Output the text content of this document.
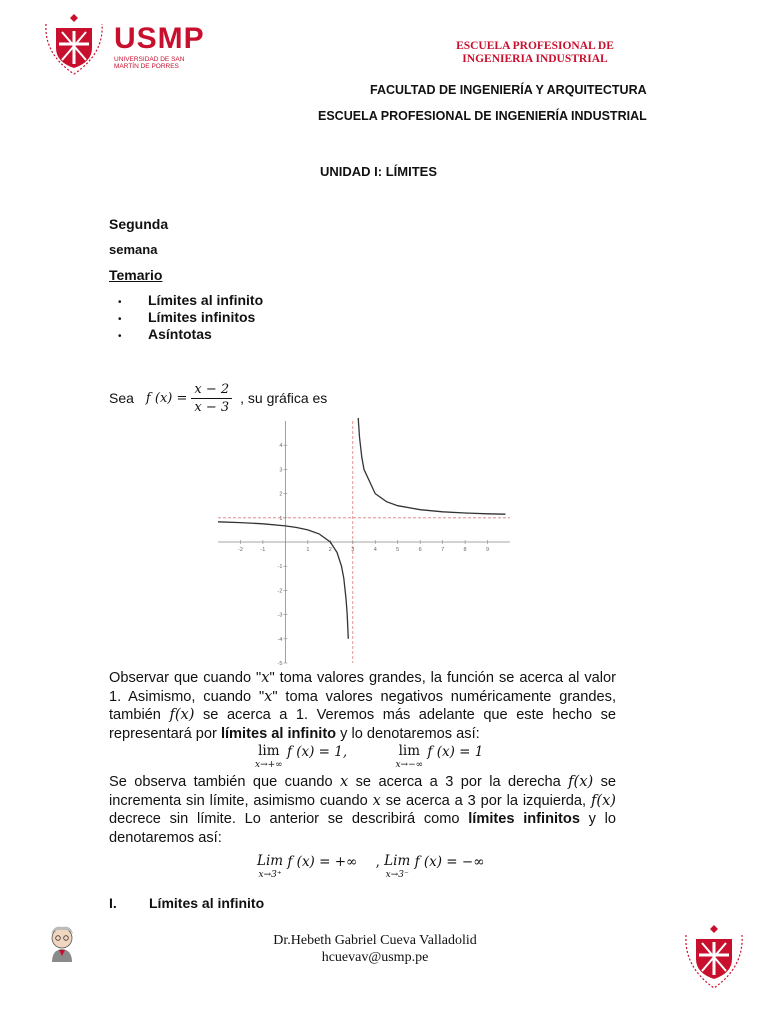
USMP
UNIVERSIDAD DE SAN MARTÍN DE PORRES
ESCUELA PROFESIONAL DE
INGENIERIA INDUSTRIAL
FACULTAD DE INGENIERÍA Y ARQUITECTURA
ESCUELA PROFESIONAL DE INGENIERÍA INDUSTRIAL
UNIDAD I: LÍMITES
Segunda
semana
Temario
• Límites al infinito
• Límites infinitos
• Asíntotas
Sea f $(x) = \frac{x - 2}{x - 3}$ , su gráfica es
-2	-1	1	2	3	4	5	6	7	8	9
4
3
2
1
-1
-2
-3
-4
-5
Observar que cuando "x" toma valores grandes, la función se acerca al valor 1. Asimismo, cuando "x" toma valores negativos numéricamente grandes, también f(x) se acerca a 1. Veremos más adelante que este hecho se representará por límites al infinito y lo denotaremos así:
lim
x→+∞
f (x) = 1,	lim
x→−∞
f (x) = 1
Se observa también que cuando x se acerca a 3 por la derecha f(x) se incrementa sin límite, asimismo cuando x se acerca a 3 por la izquierda, f(x) decrece sin límite. Lo anterior se describirá como límites infinitos y lo denotaremos así:
Lim
x→3⁺
f (x) = +∞ , Lim
x→3⁻
f (x) = −∞
I. Límites al infinito
Dr.Hebeth Gabriel Cueva Valladolid
hcuevav@usmp.pe
